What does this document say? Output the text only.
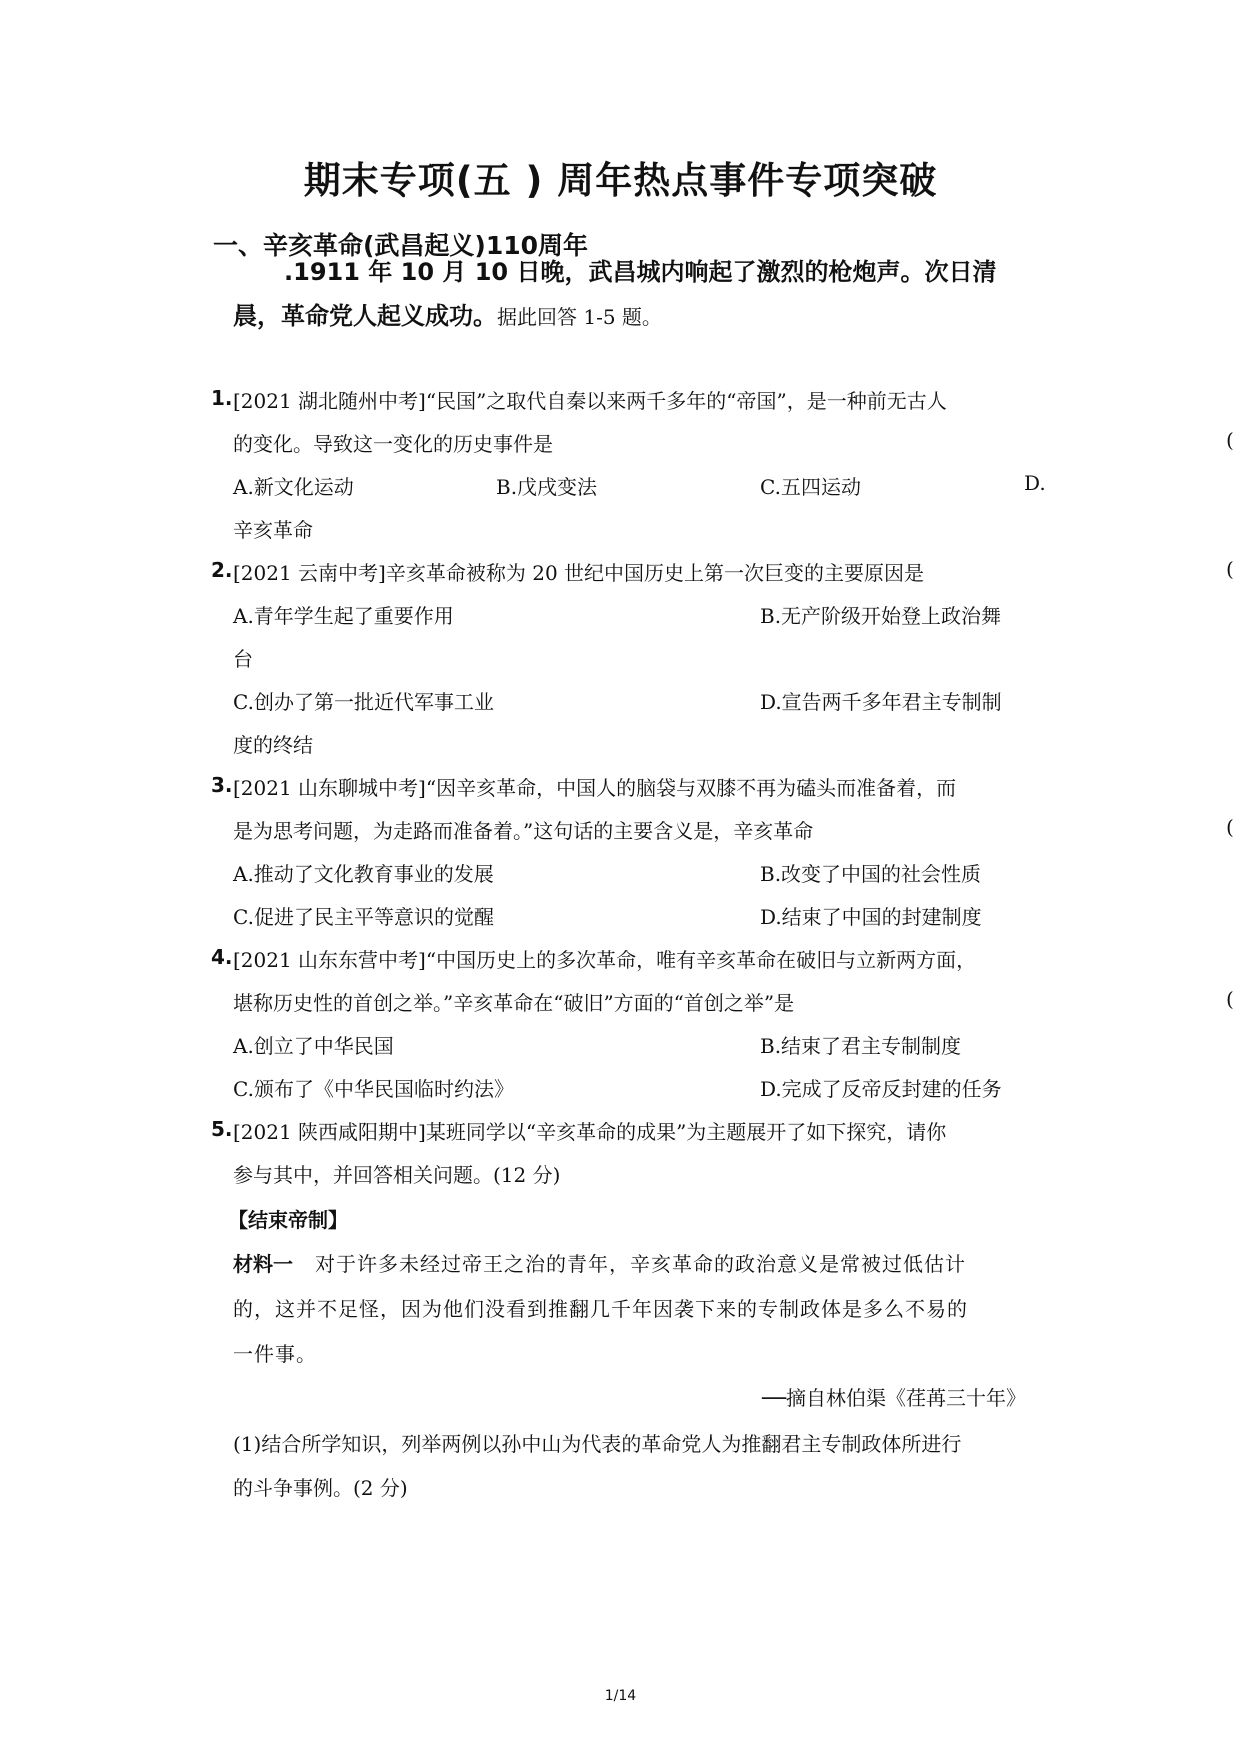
期末专项(五 ) 周年热点事件专项突破
一、辛亥革命(武昌起义)110周年
.1911 年 10 月 10 日晚，武昌城内响起了激烈的枪炮声。次日清
晨，革命党人起义成功。据此回答 1-5 题。
1. [2021 湖北随州中考]“民国”之取代自秦以来两千多年的“帝国”，是一种前无古人
的变化。导致这一变化的历史事件是	(
A.新文化运动	B.戊戌变法	C.五四运动	D.
辛亥革命
2. [2021 云南中考]辛亥革命被称为 20 世纪中国历史上第一次巨变的主要原因是	(
A.青年学生起了重要作用	B.无产阶级开始登上政治舞
台
C.创办了第一批近代军事工业	D.宣告两千多年君主专制制
度的终结
3. [2021 山东聊城中考]“因辛亥革命，中国人的脑袋与双膝不再为磕头而准备着，而
是为思考问题，为走路而准备着。”这句话的主要含义是，辛亥革命	(
A.推动了文化教育事业的发展	B.改变了中国的社会性质
C.促进了民主平等意识的觉醒	D.结束了中国的封建制度
4. [2021 山东东营中考]“中国历史上的多次革命，唯有辛亥革命在破旧与立新两方面，
堪称历史性的首创之举。”辛亥革命在“破旧”方面的“首创之举”是	(
A.创立了中华民国	B.结束了君主专制制度
C.颁布了《中华民国临时约法》	D.完成了反帝反封建的任务
5. [2021 陕西咸阳期中]某班同学以“辛亥革命的成果”为主题展开了如下探究，请你
参与其中，并回答相关问题。(12 分)
【结束帝制】
材料一 对于许多未经过帝王之治的青年，辛亥革命的政治意义是常被过低估计
的，这并不足怪，因为他们没看到推翻几千年因袭下来的专制政体是多么不易的
一件事。
──摘自林伯渠《荏苒三十年》
(1)结合所学知识，列举两例以孙中山为代表的革命党人为推翻君主专制政体所进行
的斗争事例。(2 分)
1/14
